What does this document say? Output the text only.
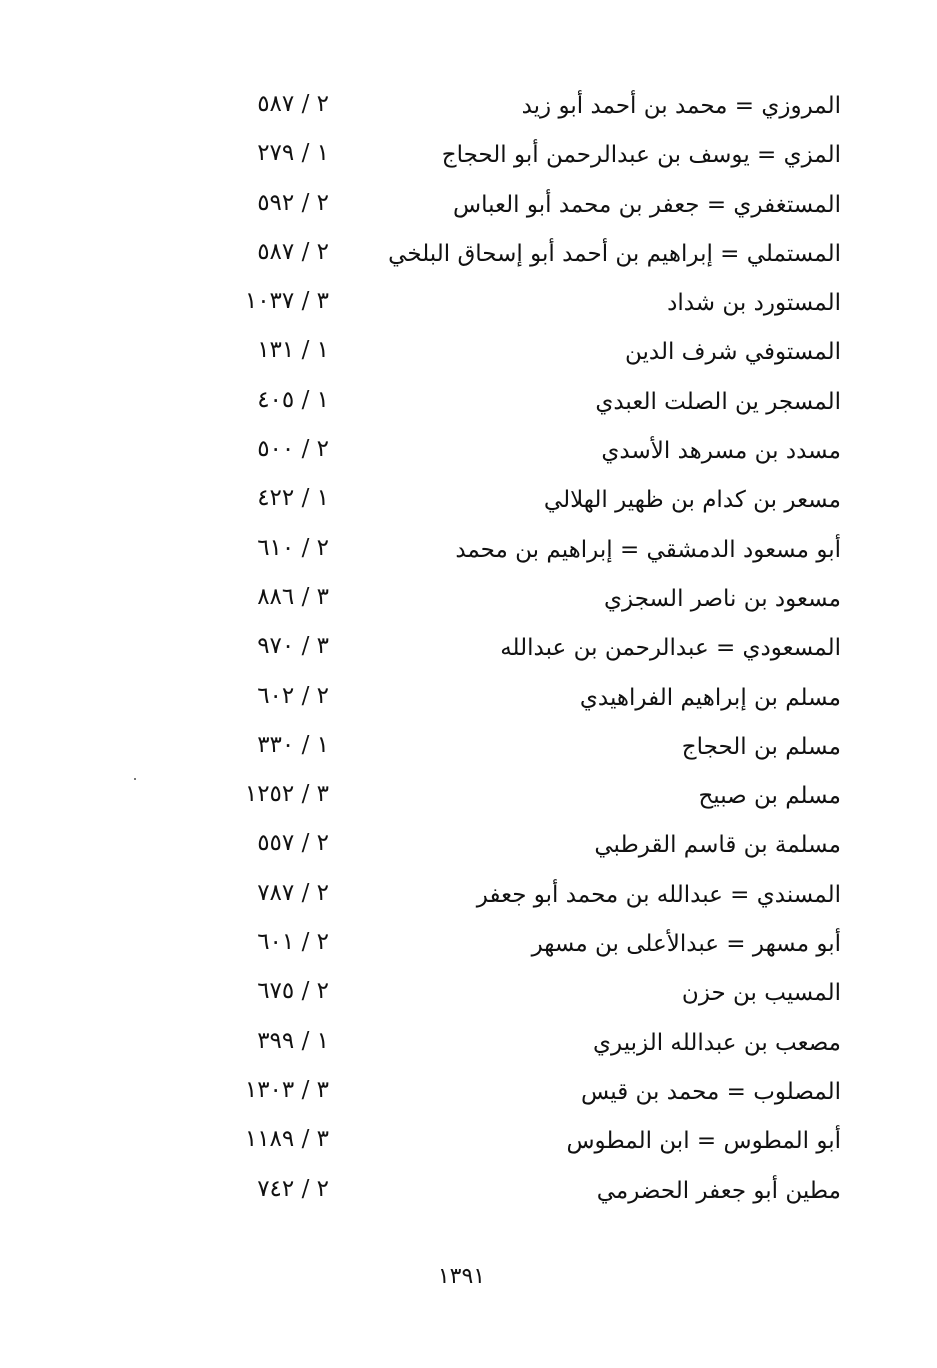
المروزي = محمد بن أحمد أبو زيد
٢ / ٥٨٧
المزي = يوسف بن عبدالرحمن أبو الحجاج
١ / ٢٧٩
المستغفري = جعفر بن محمد أبو العباس
٢ / ٥٩٢
المستملي = إبراهيم بن أحمد أبو إسحاق البلخي
٢ / ٥٨٧
المستورد بن شداد
٣ / ١٠٣٧
المستوفي شرف الدين
١ / ١٣١
المسجر ين الصلت العبدي
١ / ٤٠٥
مسدد بن مسرهد الأسدي
٢ / ٥٠٠
مسعر بن كدام بن ظهير الهلالي
١ / ٤٢٢
أبو مسعود الدمشقي = إبراهيم بن محمد
٢ / ٦١٠
مسعود بن ناصر السجزي
٣ / ٨٨٦
المسعودي = عبدالرحمن بن عبدالله
٣ / ٩٧٠
مسلم بن إبراهيم الفراهيدي
٢ / ٦٠٢
مسلم بن الحجاج
١ / ٣٣٠
مسلم بن صبيح
٣ / ١٢٥٢
مسلمة بن قاسم القرطبي
٢ / ٥٥٧
المسندي = عبدالله بن محمد أبو جعفر
٢ / ٧٨٧
أبو مسهر = عبدالأعلى بن مسهر
٢ / ٦٠١
المسيب بن حزن
٢ / ٦٧٥
مصعب بن عبدالله الزبيري
١ / ٣٩٩
المصلوب = محمد بن قيس
٣ / ١٣٠٣
أبو المطوس = ابن المطوس
٣ / ١١٨٩
مطين أبو جعفر الحضرمي
٢ / ٧٤٢
١٣٩١
